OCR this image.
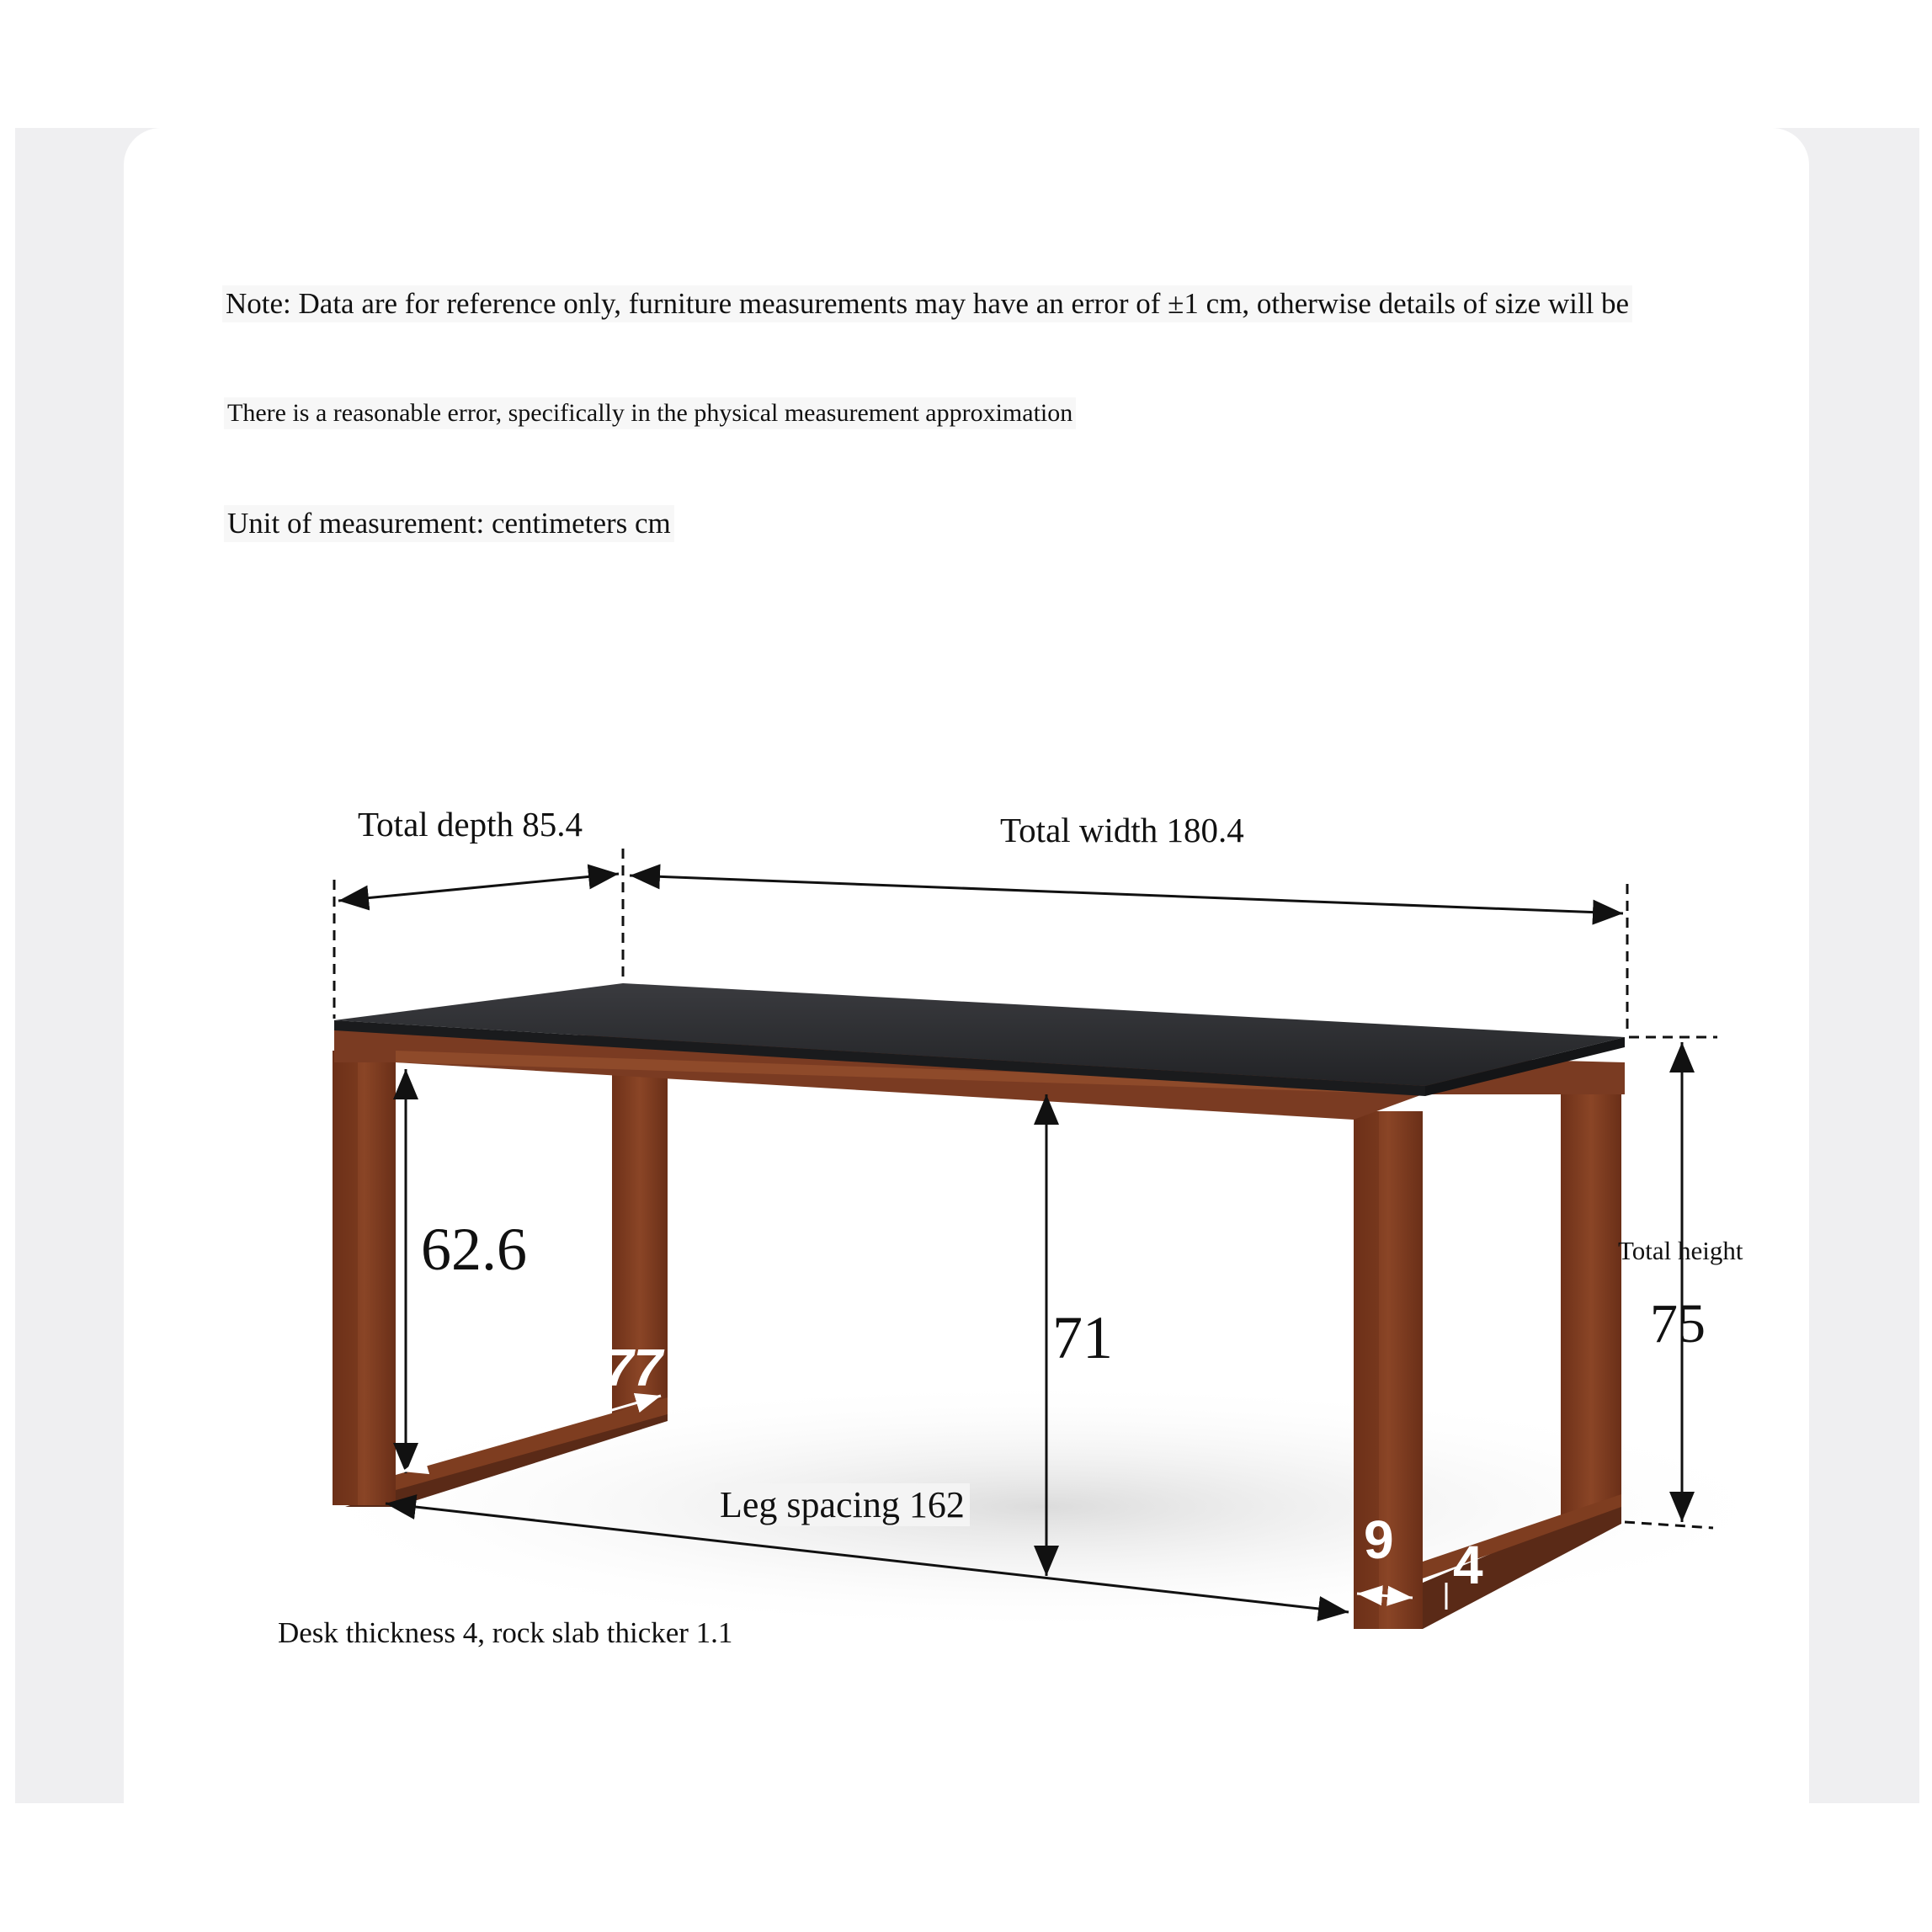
Note: Data are for reference only, furniture measurements may have an error of ±1 cm, otherwise details of size will be
There is a reasonable error, specifically in the physical measurement approximation
Unit of measurement: centimeters cm
Total depth 85.4	Total width 180.4
62.6
71
Total height
75
Leg spacing 162
77
9 4
Desk thickness 4, rock slab thicker 1.1
